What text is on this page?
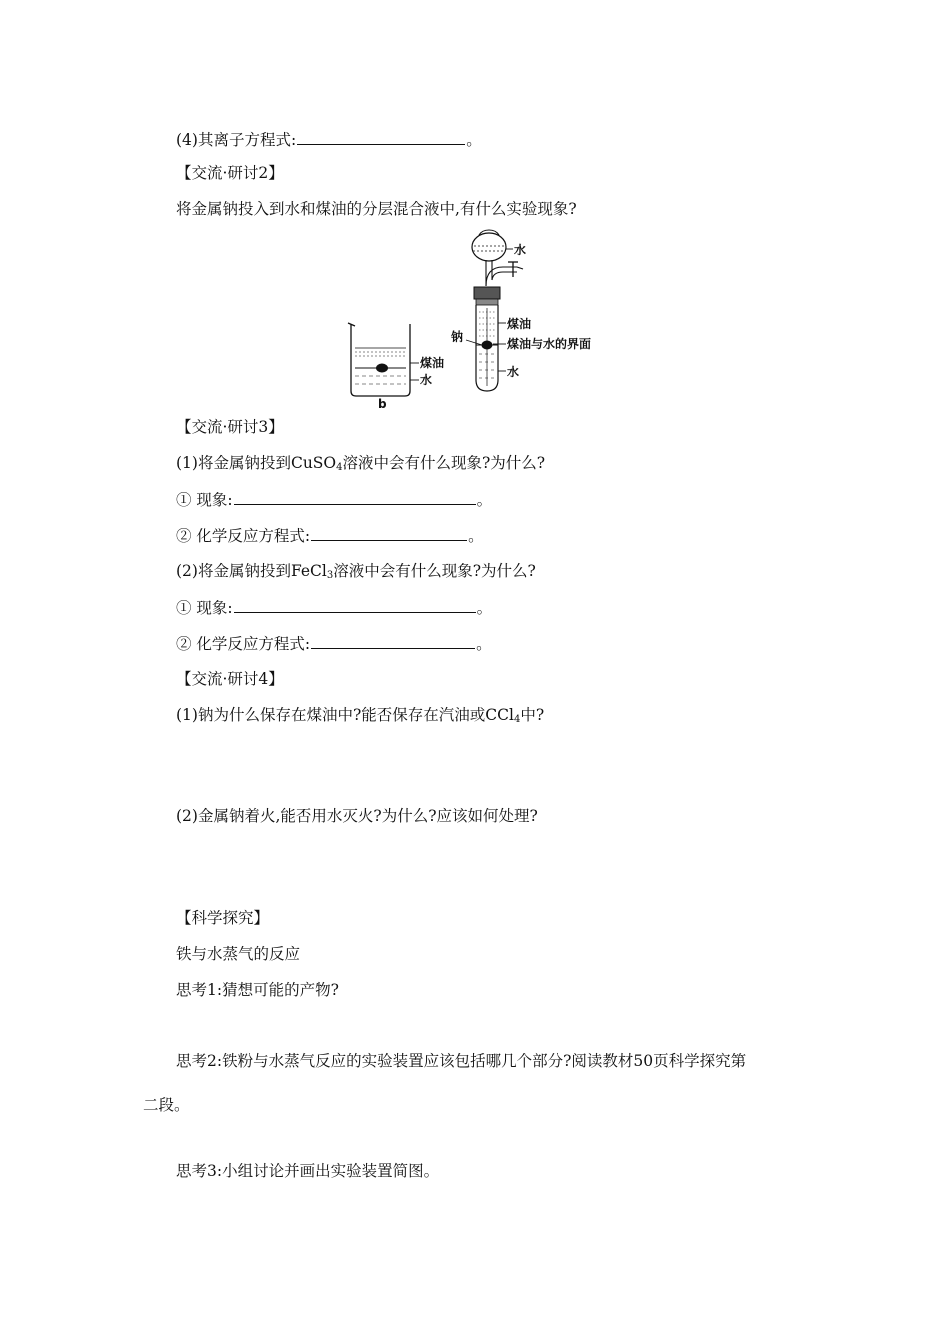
(4)其离子方程式:	。
【交流·研讨2】
将金属钠投入到水和煤油的分层混合液中,有什么实验现象?
煤油
水
b
水
煤油
煤油与水的界面
水
钠
【交流·研讨3】
(1)将金属钠投到CuSO$_4$溶液中会有什么现象?为什么?
① 现象:	。
② 化学反应方程式:	。
(2)将金属钠投到FeCl$_3$溶液中会有什么现象?为什么?
① 现象:	。
② 化学反应方程式:	。
【交流·研讨4】
(1)钠为什么保存在煤油中?能否保存在汽油或CCl$_4$中?
(2)金属钠着火,能否用水灭火?为什么?应该如何处理?
【科学探究】
铁与水蒸气的反应
思考1:猜想可能的产物?
思考2:铁粉与水蒸气反应的实验装置应该包括哪几个部分?阅读教材50页科学探究第
二段。
思考3:小组讨论并画出实验装置简图。
